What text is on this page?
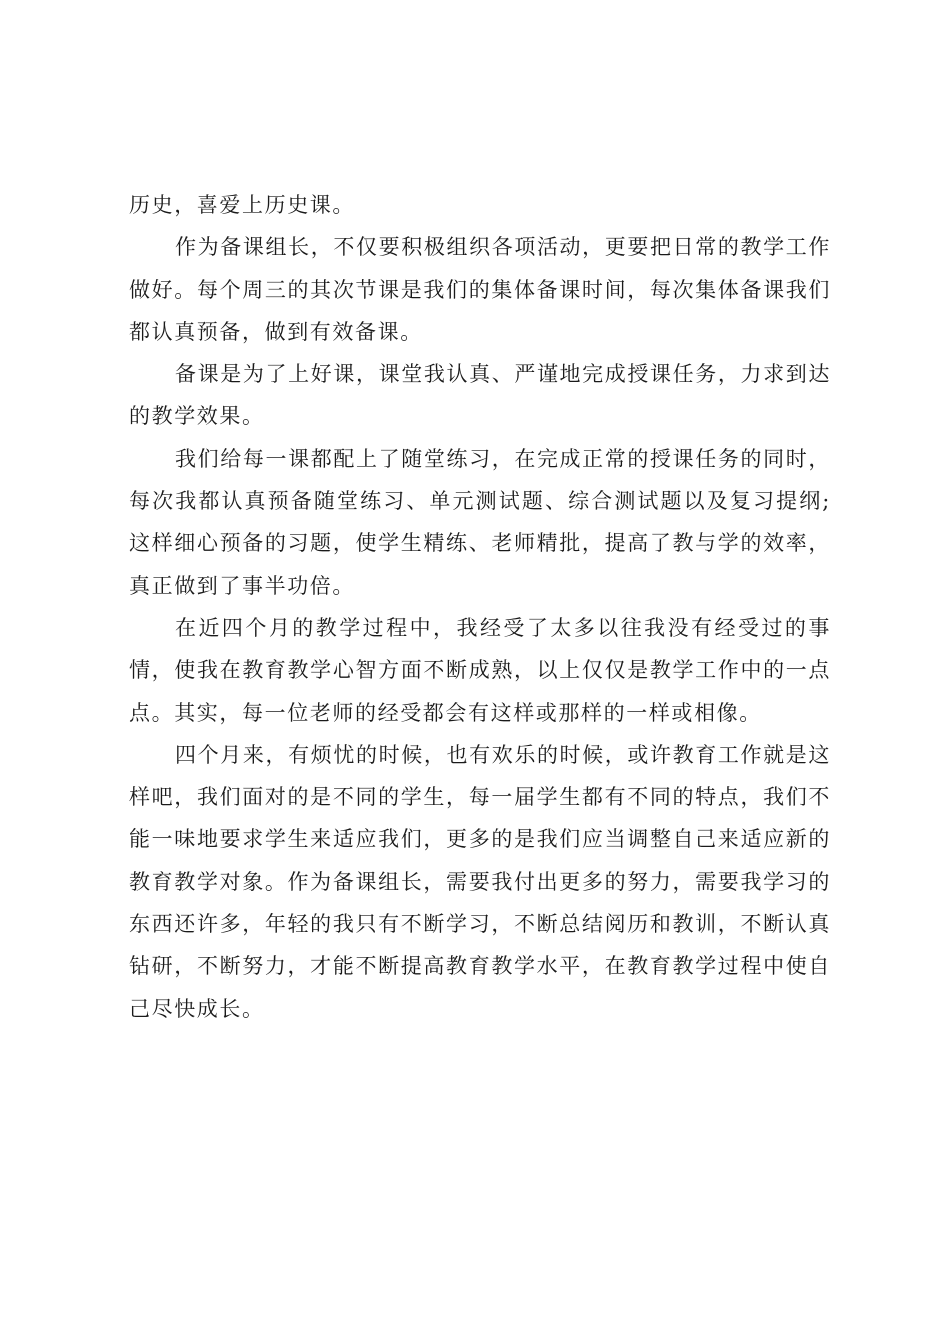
历史，喜爱上历史课。

作为备课组长，不仅要积极组织各项活动，更要把日常的教学工作做好。每个周三的其次节课是我们的集体备课时间，每次集体备课我们都认真预备，做到有效备课。

备课是为了上好课，课堂我认真、严谨地完成授课任务，力求到达的教学效果。

我们给每一课都配上了随堂练习，在完成正常的授课任务的同时，每次我都认真预备随堂练习、单元测试题、综合测试题以及复习提纲;这样细心预备的习题，使学生精练、老师精批，提高了教与学的效率，真正做到了事半功倍。

在近四个月的教学过程中，我经受了太多以往我没有经受过的事情，使我在教育教学心智方面不断成熟，以上仅仅是教学工作中的一点点。其实，每一位老师的经受都会有这样或那样的一样或相像。

四个月来，有烦忧的时候，也有欢乐的时候，或许教育工作就是这样吧，我们面对的是不同的学生，每一届学生都有不同的特点，我们不能一味地要求学生来适应我们，更多的是我们应当调整自己来适应新的教育教学对象。作为备课组长，需要我付出更多的努力，需要我学习的东西还许多，年轻的我只有不断学习，不断总结阅历和教训，不断认真钻研，不断努力，才能不断提高教育教学水平，在教育教学过程中使自己尽快成长。
